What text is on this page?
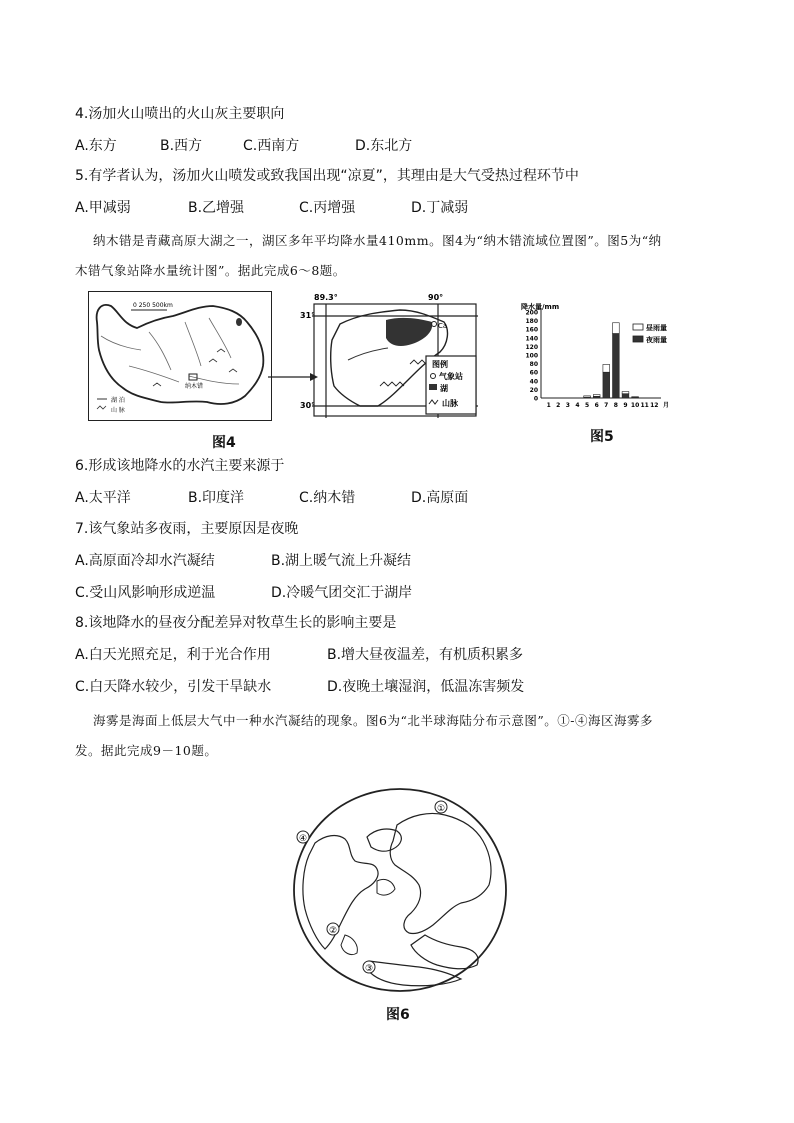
4.汤加火山喷出的火山灰主要职向
A.东方	B.西方	C.西南方	D.东北方
5.有学者认为，汤加火山喷发或致我国出现“凉夏”，其理由是大气受热过程环节中
A.甲减弱	B.乙增强	C.丙增强	D.丁减弱
纳木错是青藏高原大湖之一，湖区多年平均降水量410mm。图4为“纳木错流域位置图”。图5为“纳
木错气象站降水量统计图”。据此完成6～8题。
0 250 500km
纳木错
湖 泊
山 脉
89.3°	90°
31°
30°
Ca
图例
气象站
湖
山脉
图4
降水量/mm
0
20
40
60
80
100
120
140
160
180
200
1 2 3 4 5 6 7 8 9 10 11 12 月
昼雨量
夜雨量
图5
6.形成该地降水的水汽主要来源于
A.太平洋	B.印度洋	C.纳木错	D.高原面
7.该气象站多夜雨，主要原因是夜晚
A.高原面冷却水汽凝结	B.湖上暖气流上升凝结
C.受山风影响形成逆温	D.冷暖气团交汇于湖岸
8.该地降水的昼夜分配差异对牧草生长的影响主要是
A.白天光照充足，利于光合作用	B.增大昼夜温差，有机质积累多
C.白天降水较少，引发干旱缺水	D.夜晚土壤湿润，低温冻害频发
海雾是海面上低层大气中一种水汽凝结的现象。图6为“北半球海陆分布示意图”。①-④海区海雾多
发。据此完成9－10题。
①
②
③
④
图6
